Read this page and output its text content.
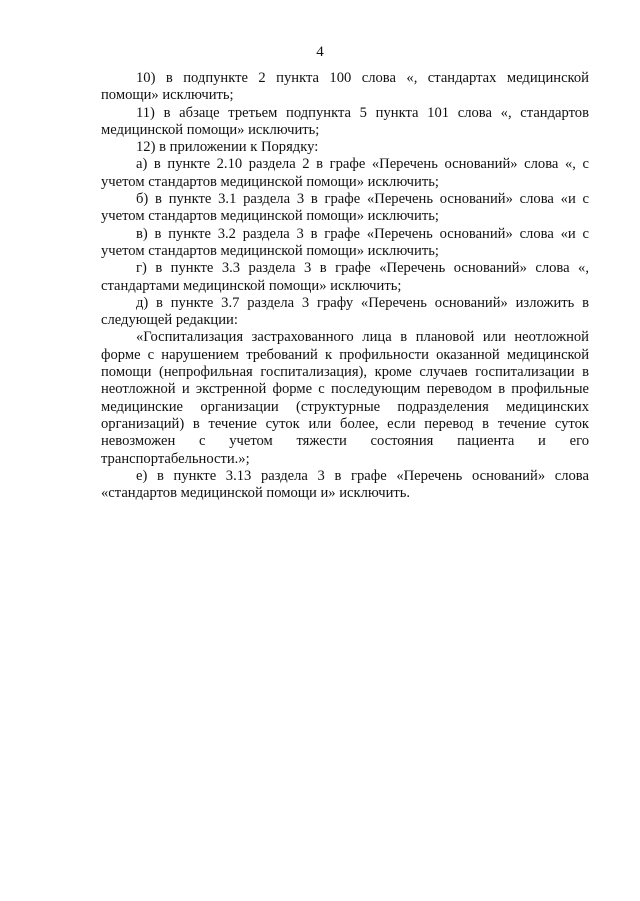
4

10) в подпункте 2 пункта 100 слова «, стандартах медицинской помощи» исключить;

11) в абзаце третьем подпункта 5 пункта 101 слова «, стандартов медицинской помощи» исключить;

12) в приложении к Порядку:

а) в пункте 2.10 раздела 2 в графе «Перечень оснований» слова «, с учетом стандартов медицинской помощи» исключить;

б) в пункте 3.1 раздела 3 в графе «Перечень оснований» слова «и с учетом стандартов медицинской помощи» исключить;

в) в пункте 3.2 раздела 3 в графе «Перечень оснований» слова «и с учетом стандартов медицинской помощи» исключить;

г) в пункте 3.3 раздела 3 в графе «Перечень оснований» слова «, стандартами медицинской помощи» исключить;

д) в пункте 3.7 раздела 3 графу «Перечень оснований» изложить в следующей редакции:

«Госпитализация застрахованного лица в плановой или неотложной форме с нарушением требований к профильности оказанной медицинской помощи (непрофильная госпитализация), кроме случаев госпитализации в неотложной и экстренной форме с последующим переводом в профильные медицинские организации (структурные подразделения медицинских организаций) в течение суток или более, если перевод в течение суток невозможен с учетом тяжести состояния пациента и его транспортабельности.»;

е) в пункте 3.13 раздела 3 в графе «Перечень оснований» слова «стандартов медицинской помощи и» исключить.
